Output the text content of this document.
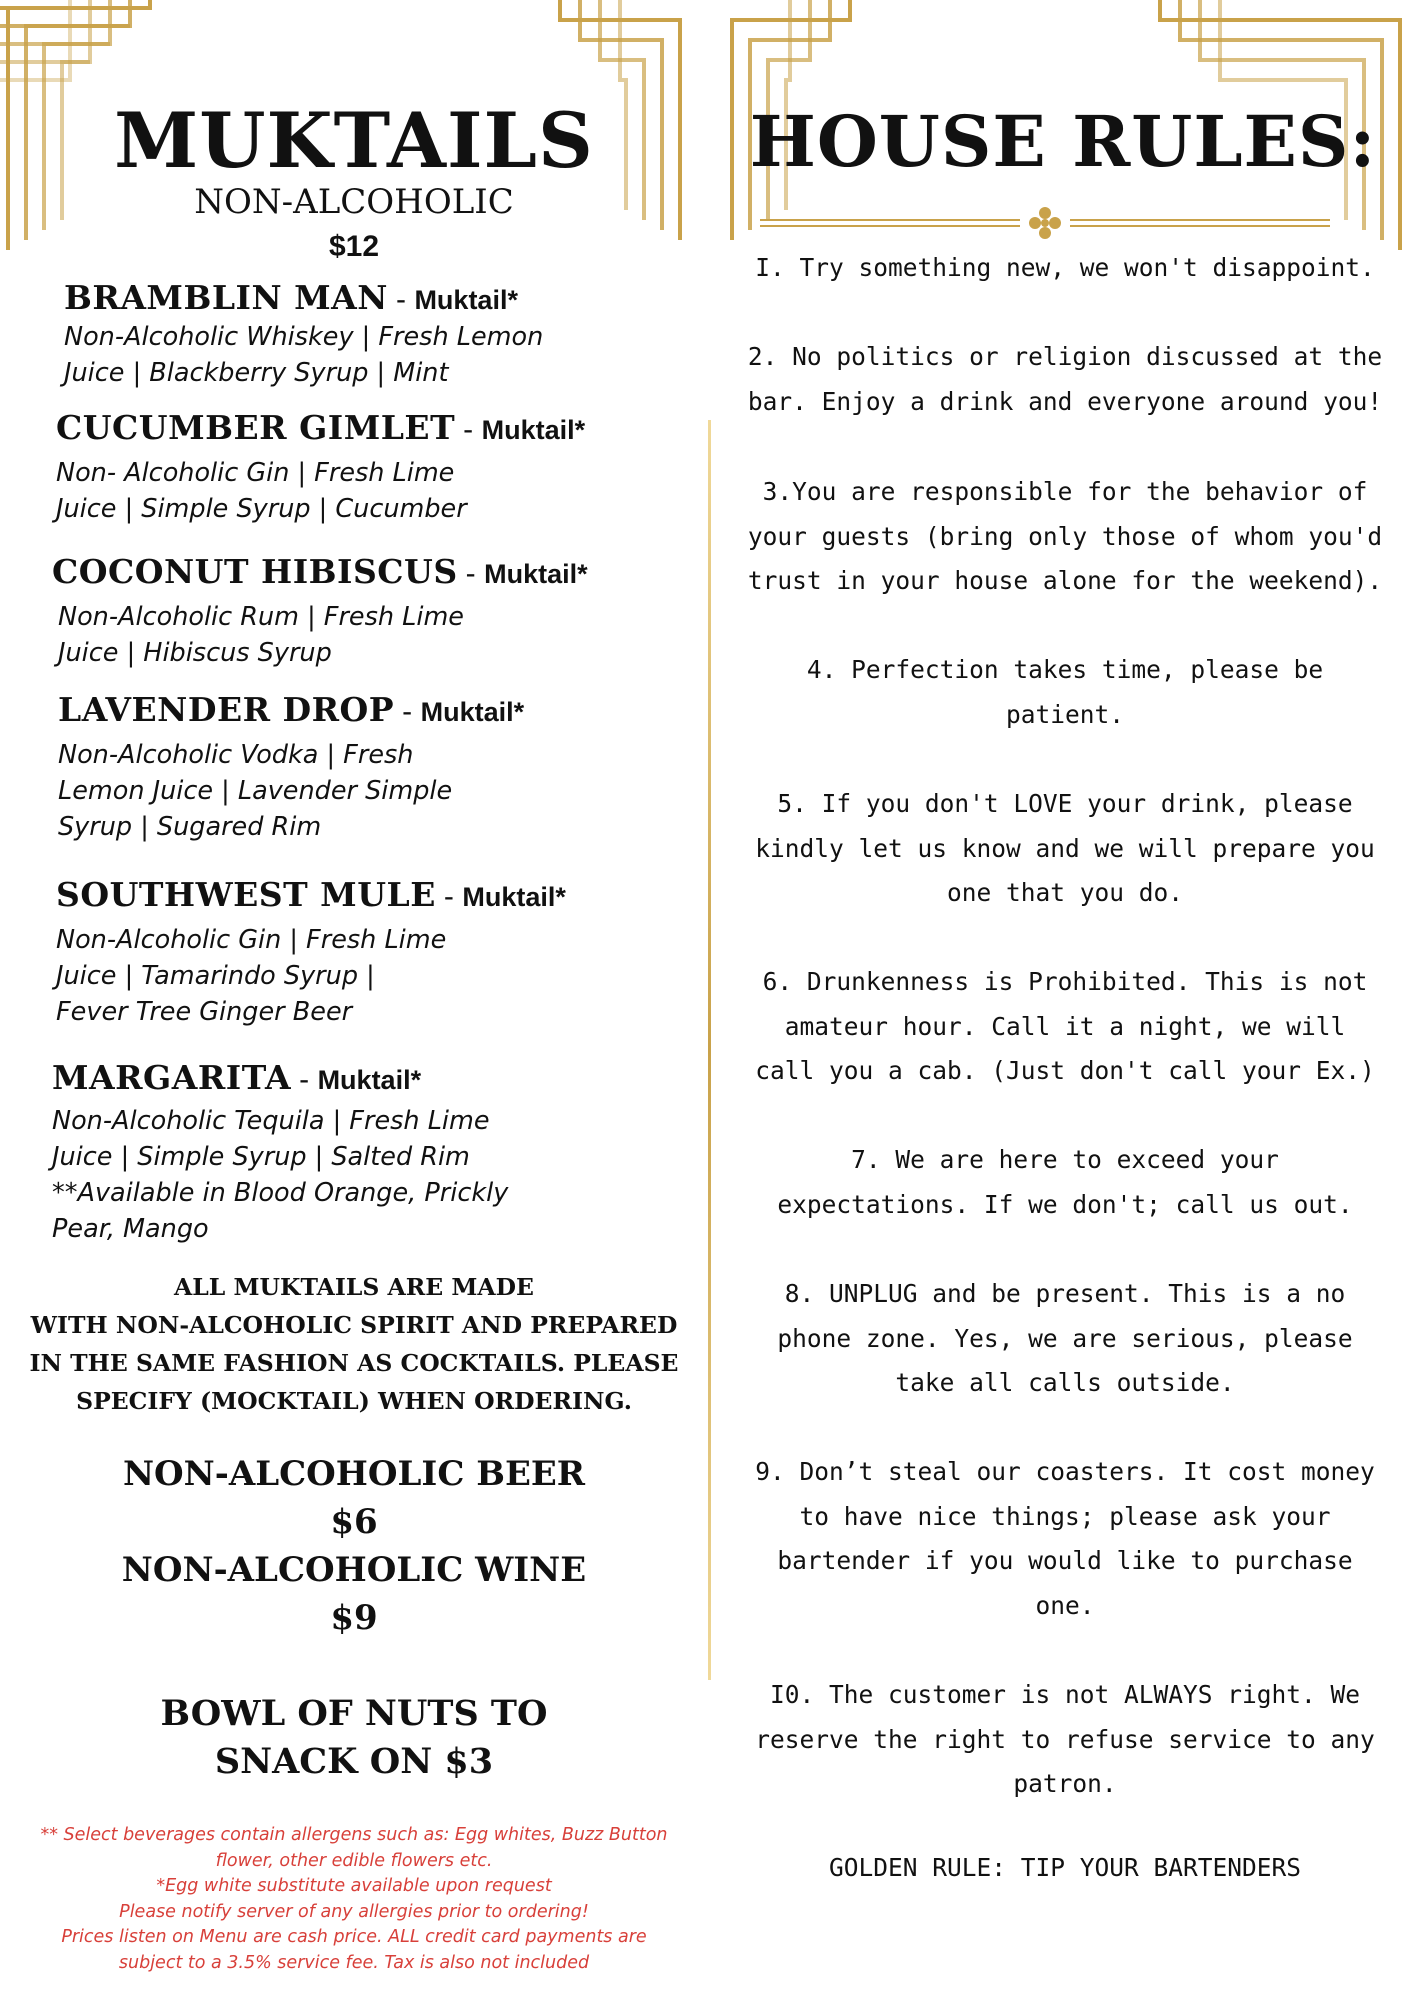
MUKTAILS
NON-ALCOHOLIC
$12
BRAMBLIN MAN - Muktail*
Non-Alcoholic Whiskey | Fresh Lemon
Juice | Blackberry Syrup | Mint
CUCUMBER GIMLET - Muktail*
Non- Alcoholic Gin | Fresh Lime
Juice | Simple Syrup | Cucumber
COCONUT HIBISCUS - Muktail*
Non-Alcoholic Rum | Fresh Lime
Juice | Hibiscus Syrup
LAVENDER DROP - Muktail*
Non-Alcoholic Vodka | Fresh
Lemon Juice | Lavender Simple
Syrup | Sugared Rim
SOUTHWEST MULE - Muktail*
Non-Alcoholic Gin | Fresh Lime
Juice | Tamarindo Syrup |
Fever Tree Ginger Beer
MARGARITA - Muktail*
Non-Alcoholic Tequila | Fresh Lime
Juice | Simple Syrup | Salted Rim
**Available in Blood Orange, Prickly
Pear, Mango
ALL MUKTAILS ARE MADE
WITH NON-ALCOHOLIC SPIRIT AND PREPARED
IN THE SAME FASHION AS COCKTAILS. PLEASE
SPECIFY (MOCKTAIL) WHEN ORDERING.
NON-ALCOHOLIC BEER
$6
NON-ALCOHOLIC WINE
$9
BOWL OF NUTS TO
SNACK ON $3
** Select beverages contain allergens such as: Egg whites, Buzz Button
flower, other edible flowers etc.
*Egg white substitute available upon request
Please notify server of any allergies prior to ordering!
Prices listen on Menu are cash price. ALL credit card payments are
subject to a 3.5% service fee. Tax is also not included
HOUSE RULES:
I. Try something new, we won't disappoint.
2. No politics or religion discussed at the
bar. Enjoy a drink and everyone around you!
3.You are responsible for the behavior of
your guests (bring only those of whom you'd
trust in your house alone for the weekend).
4. Perfection takes time, please be
patient.
5. If you don't LOVE your drink, please
kindly let us know and we will prepare you
one that you do.
6. Drunkenness is Prohibited. This is not
amateur hour. Call it a night, we will
call you a cab. (Just don't call your Ex.)
7. We are here to exceed your
expectations. If we don't; call us out.
8. UNPLUG and be present. This is a no
phone zone. Yes, we are serious, please
take all calls outside.
9. Don’t steal our coasters. It cost money
to have nice things; please ask your
bartender if you would like to purchase
one.
I0. The customer is not ALWAYS right. We
reserve the right to refuse service to any
patron.
GOLDEN RULE: TIP YOUR BARTENDERS
